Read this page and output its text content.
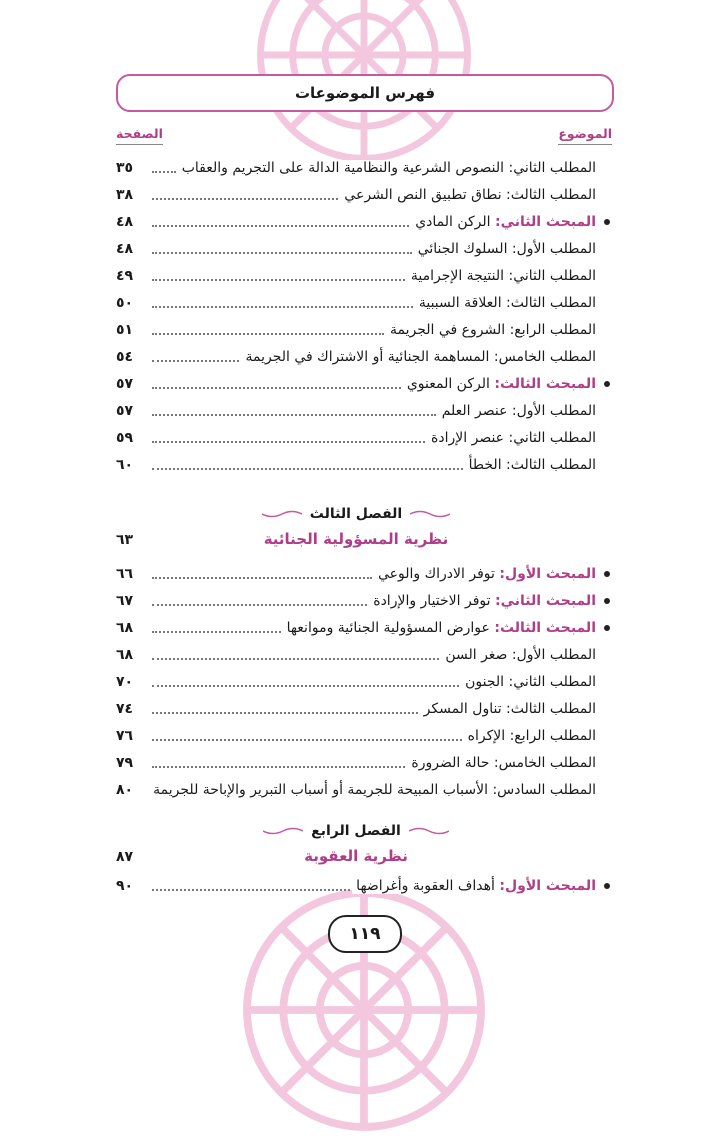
فهرس الموضوعات
الموضوع
الصفحة
المطلب الثاني: النصوص الشرعية والنظامية الدالة على التجريم والعقاب
٣٥
المطلب الثالث: نطاق تطبيق النص الشرعي
٣٨
المبحث الثاني: الركن المادي
٤٨
المطلب الأول: السلوك الجنائي
٤٨
المطلب الثاني: النتيجة الإجرامية
٤٩
المطلب الثالث: العلاقة السببية
٥٠
المطلب الرابع: الشروع في الجريمة
٥١
المطلب الخامس: المساهمة الجنائية أو الاشتراك في الجريمة
٥٤
المبحث الثالث: الركن المعنوي
٥٧
المطلب الأول: عنصر العلم
٥٧
المطلب الثاني: عنصر الإرادة
٥٩
المطلب الثالث: الخطأ
٦٠
الفصل الثالث
نظرية المسؤولية الجنائية
٦٣
المبحث الأول: توفر الادراك والوعي
٦٦
المبحث الثاني: توفر الاختيار والإرادة
٦٧
المبحث الثالث: عوارض المسؤولية الجنائية وموانعها
٦٨
المطلب الأول: صغر السن
٦٨
المطلب الثاني: الجنون
٧٠
المطلب الثالث: تناول المسكر
٧٤
المطلب الرابع: الإكراه
٧٦
المطلب الخامس: حالة الضرورة
٧٩
المطلب السادس: الأسباب المبيحة للجريمة أو أسباب التبرير والإباحة للجريمة
٨٠
الفصل الرابع
نظرية العقوبة
٨٧
المبحث الأول: أهداف العقوبة وأغراضها
٩٠
١١٩
